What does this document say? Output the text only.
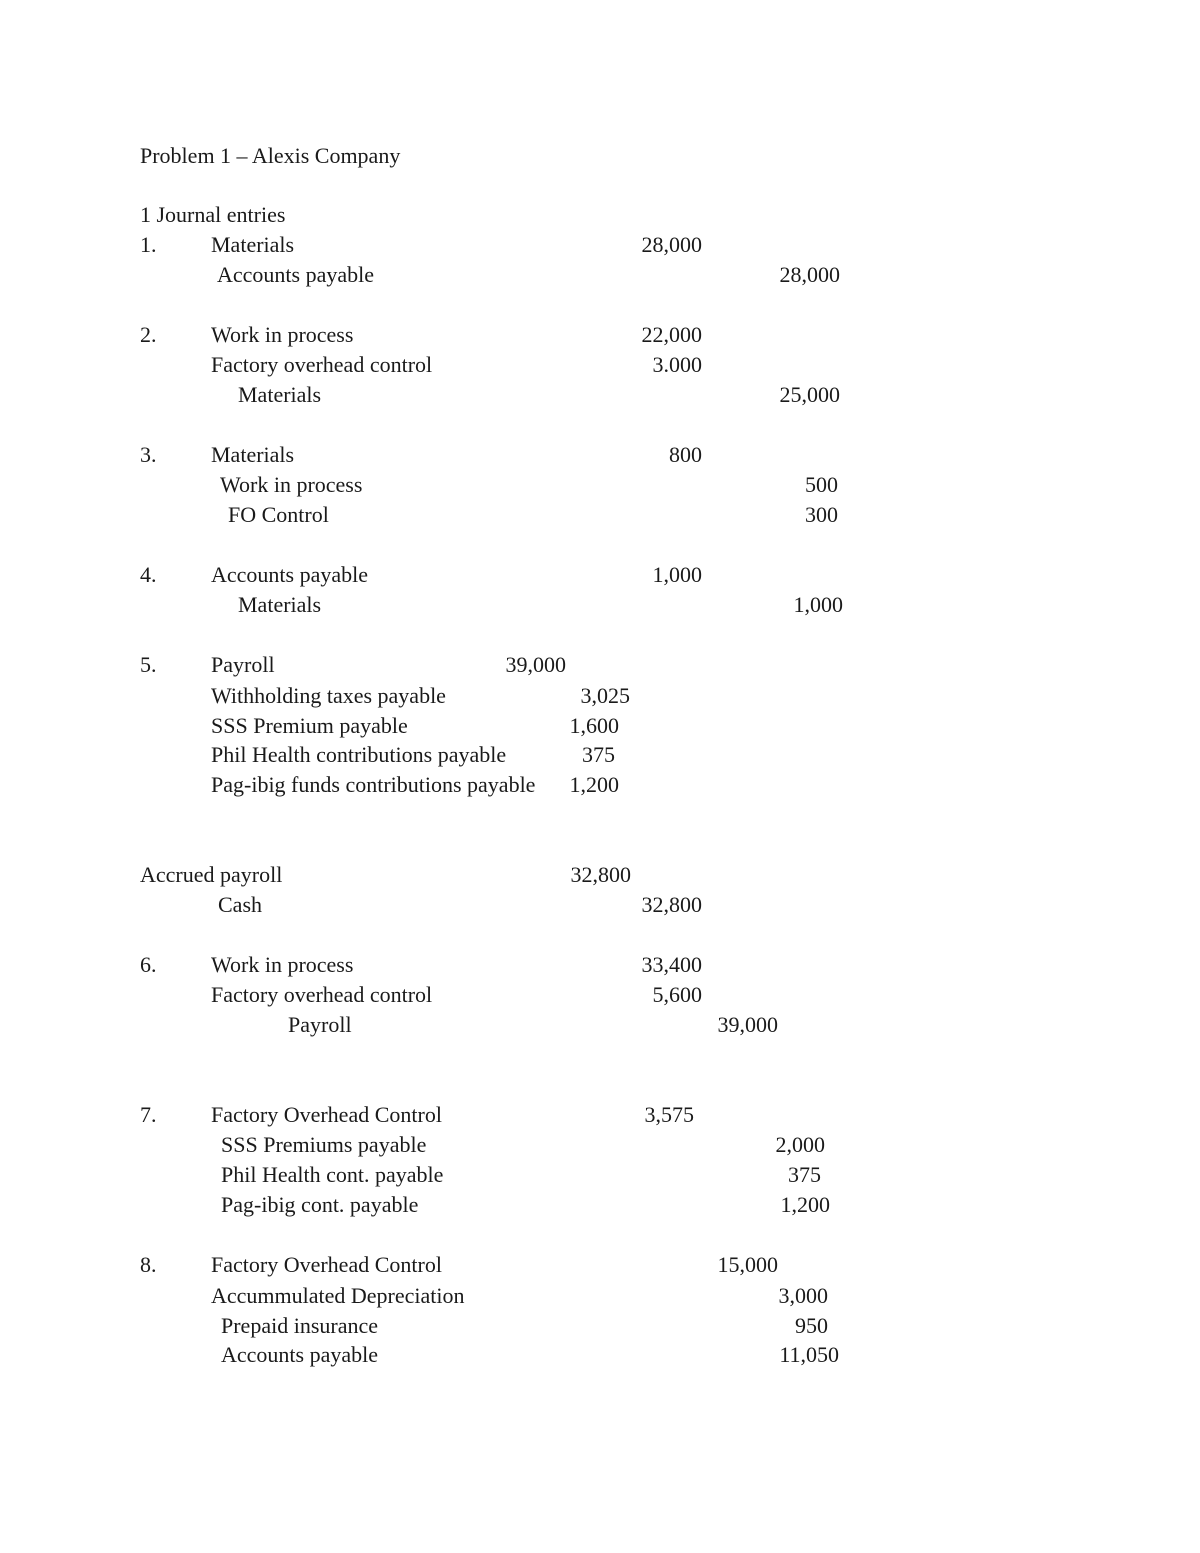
Problem 1 – Alexis Company
1 Journal entries
1. Materials	28,000
Accounts payable	28,000
2. Work in process	22,000
Factory overhead control	3.000
Materials	25,000
3. Materials	800
Work in process	500
FO Control	300
4. Accounts payable	1,000
Materials	1,000
5. Payroll	39,000
Withholding taxes payable	3,025
SSS Premium payable	1,600
Phil Health contributions payable	375
Pag-ibig funds contributions payable	1,200
Accrued payroll	32,800
Cash	32,800
6. Work in process	33,400
Factory overhead control	5,600
Payroll	39,000
7. Factory Overhead Control	3,575
SSS Premiums payable	2,000
Phil Health cont. payable	375
Pag-ibig cont. payable	1,200
8. Factory Overhead Control	15,000
Accummulated Depreciation	3,000
Prepaid insurance	950
Accounts payable	11,050
